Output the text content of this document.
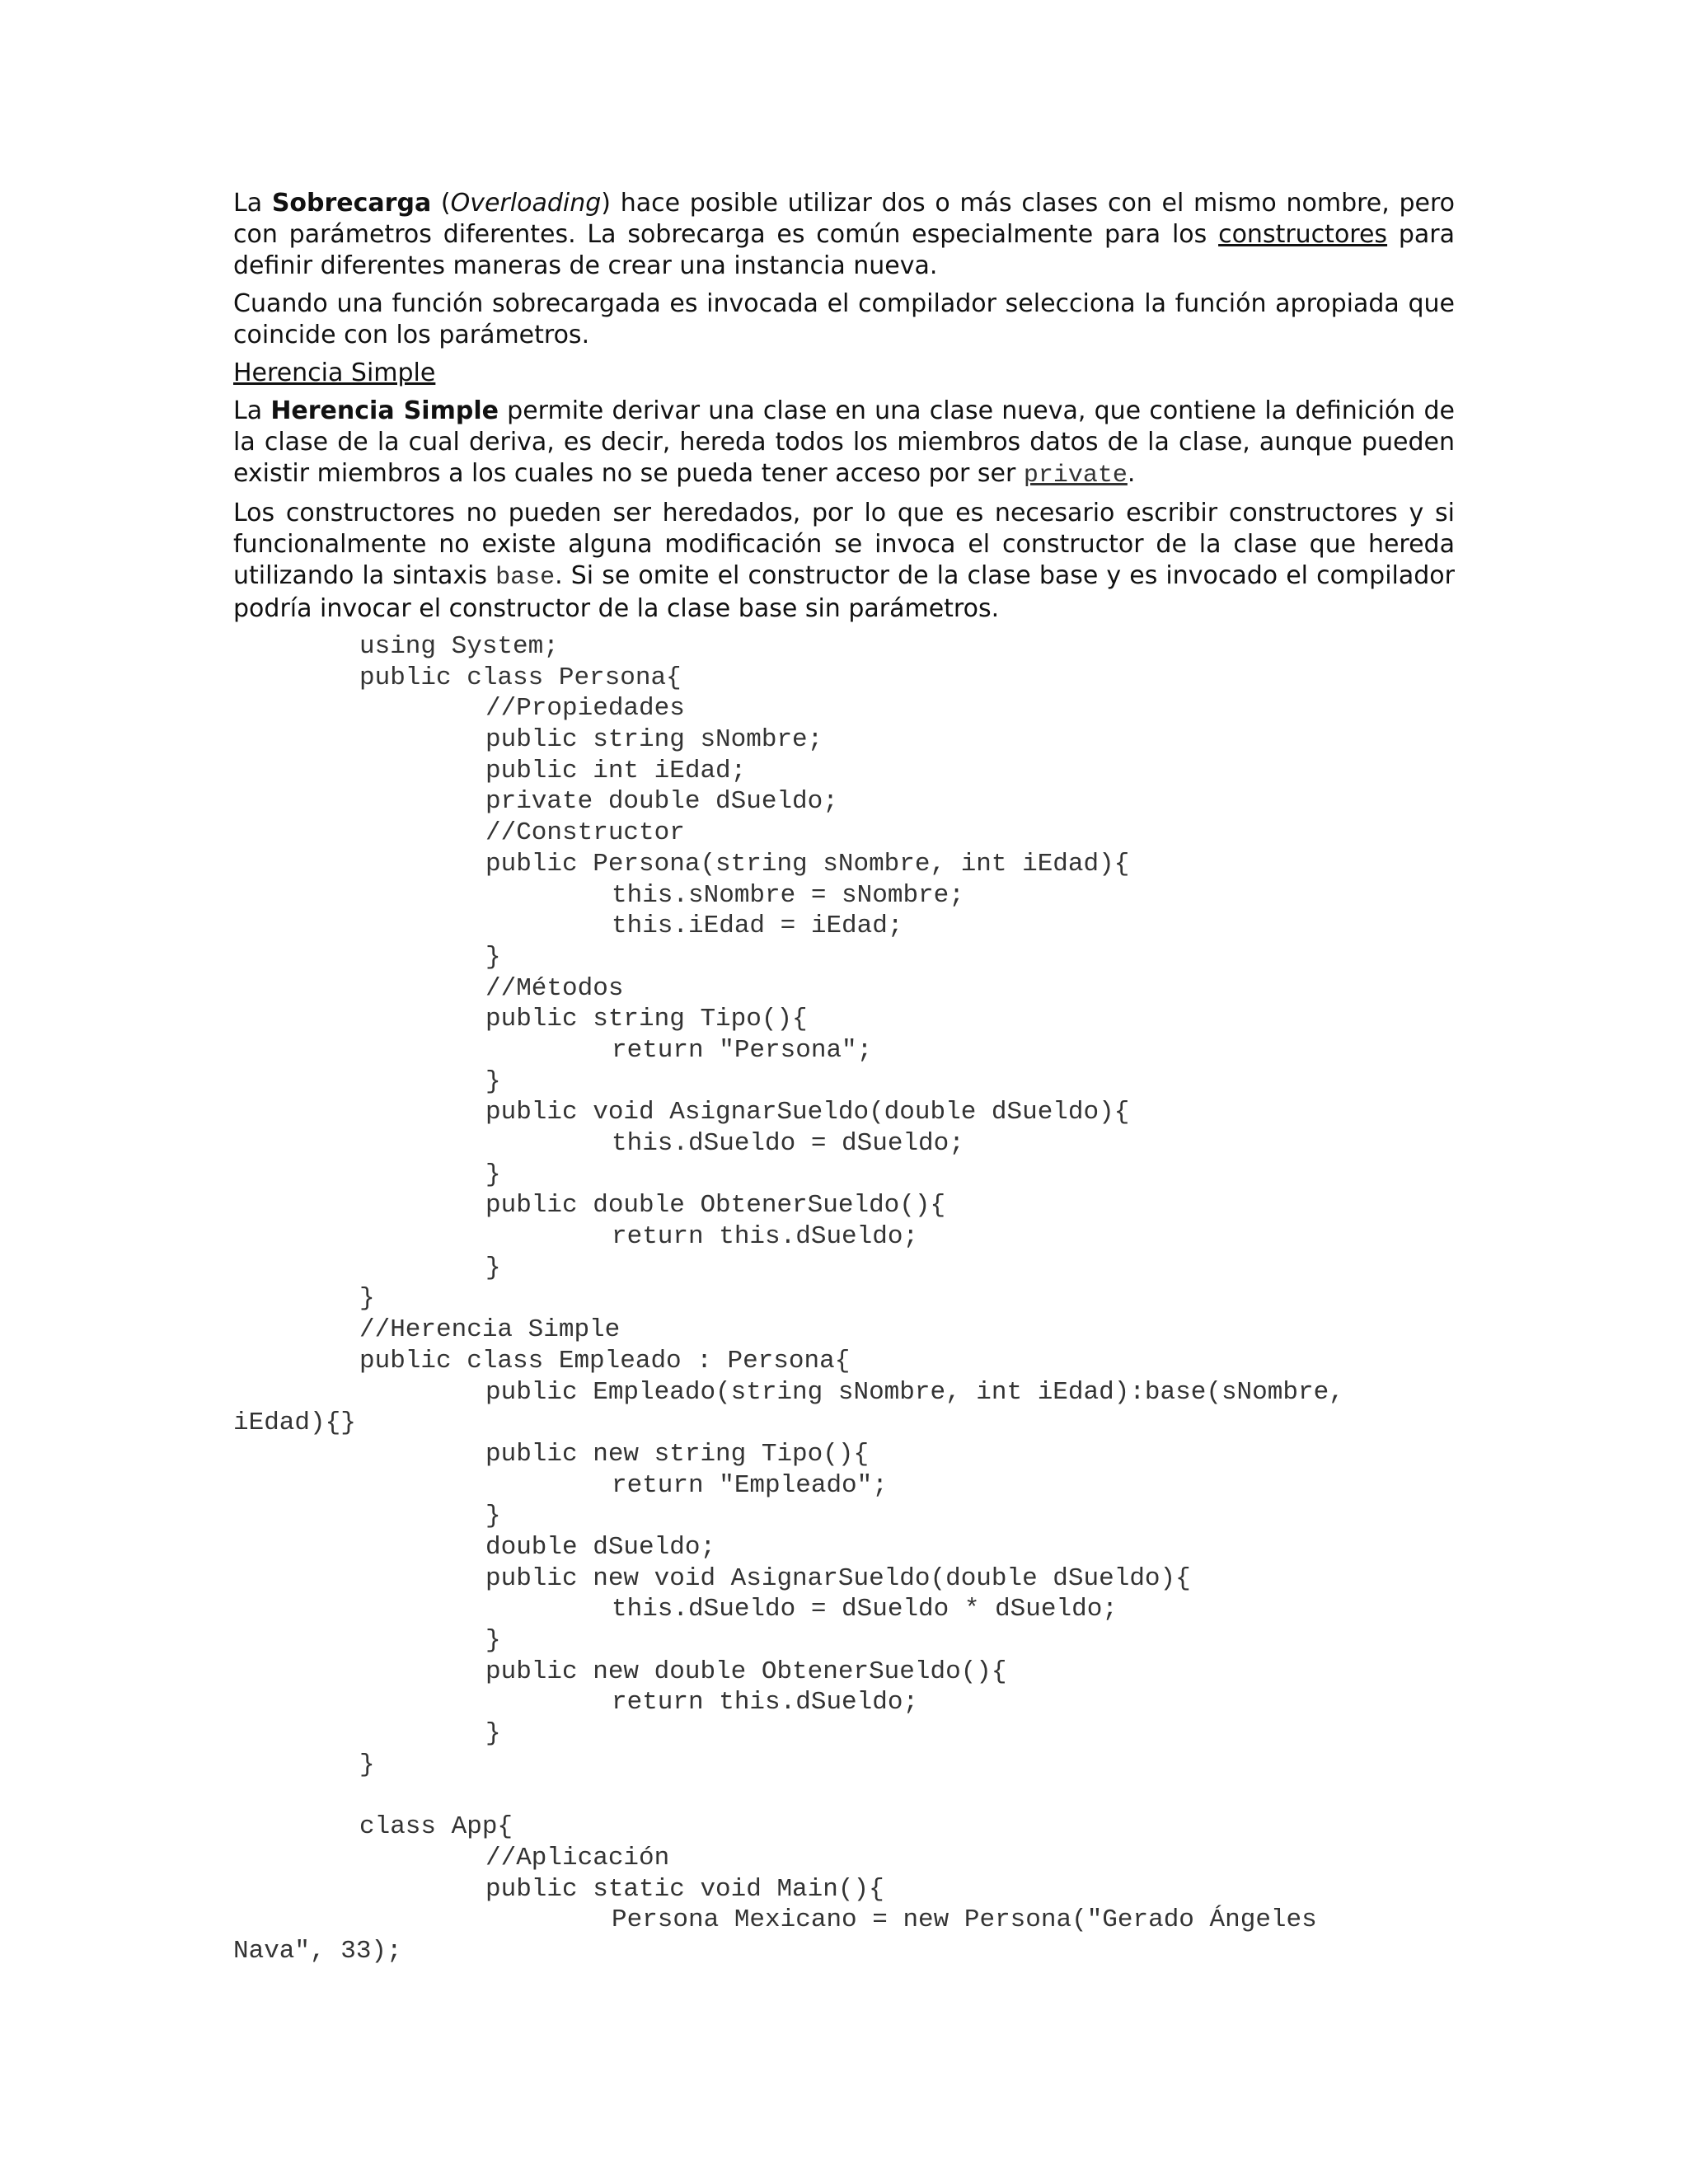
La Sobrecarga (Overloading) hace posible utilizar dos o más clases con el mismo nombre, pero con parámetros diferentes. La sobrecarga es común especialmente para los constructores para definir diferentes maneras de crear una instancia nueva.

Cuando una función sobrecargada es invocada el compilador selecciona la función apropiada que coincide con los parámetros.

Herencia Simple

La Herencia Simple permite derivar una clase en una clase nueva, que contiene la definición de la clase de la cual deriva, es decir, hereda todos los miembros datos de la clase, aunque pueden existir miembros a los cuales no se pueda tener acceso por ser private.

Los constructores no pueden ser heredados, por lo que es necesario escribir constructores y si funcionalmente no existe alguna modificación se invoca el constructor de la clase que hereda utilizando la sintaxis base. Si se omite el constructor de la clase base y es invocado el compilador podría invocar el constructor de la clase base sin parámetros.

using System;
public class Persona{
//Propiedades
public string sNombre;
public int iEdad;
private double dSueldo;
//Constructor
public Persona(string sNombre, int iEdad){
this.sNombre = sNombre;
this.iEdad = iEdad;
}
//Métodos
public string Tipo(){
return "Persona";
}
public void AsignarSueldo(double dSueldo){
this.dSueldo = dSueldo;
}
public double ObtenerSueldo(){
return this.dSueldo;
}
}
//Herencia Simple
public class Empleado : Persona{
public Empleado(string sNombre, int iEdad):base(sNombre,
iEdad){}
public new string Tipo(){
return "Empleado";
}
double dSueldo;
public new void AsignarSueldo(double dSueldo){
this.dSueldo = dSueldo * dSueldo;
}
public new double ObtenerSueldo(){
return this.dSueldo;
}
}
class App{
//Aplicación
public static void Main(){
Persona Mexicano = new Persona("Gerado Ángeles
Nava", 33);
